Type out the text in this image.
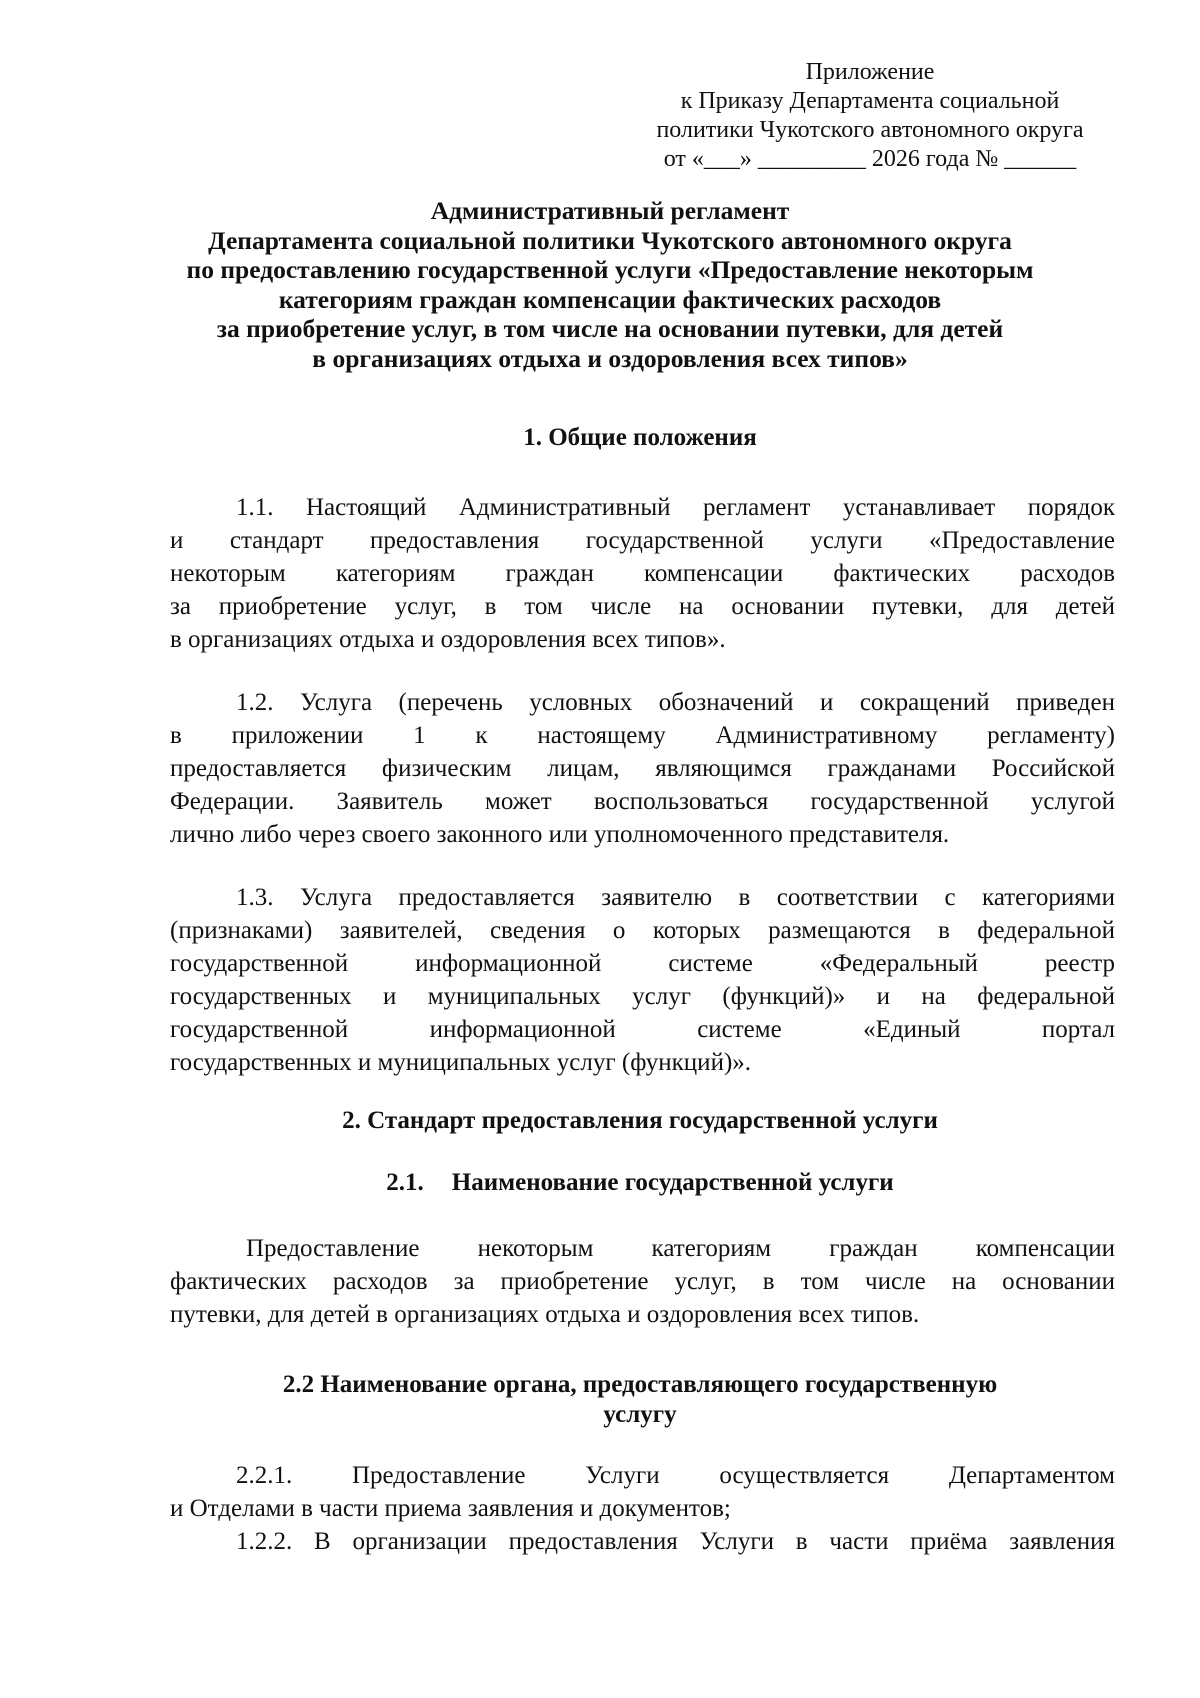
Приложение
к Приказу Департамента социальной
политики Чукотского автономного округа
от «___» _________ 2026 года № ______
Административный регламент
Департамента социальной политики Чукотского автономного округа
по предоставлению государственной услуги «Предоставление некоторым
категориям граждан компенсации фактических расходов
за приобретение услуг, в том числе на основании путевки, для детей
в организациях отдыха и оздоровления всех типов»
1. Общие положения
1.1. Настоящий Административный регламент устанавливает порядок
и стандарт предоставления государственной услуги «Предоставление
некоторым категориям граждан компенсации фактических расходов
за приобретение услуг, в том числе на основании путевки, для детей
в организациях отдыха и оздоровления всех типов».
1.2. Услуга (перечень условных обозначений и сокращений приведен
в приложении 1 к настоящему Административному регламенту)
предоставляется физическим лицам, являющимся гражданами Российской
Федерации. Заявитель может воспользоваться государственной услугой
лично либо через своего законного или уполномоченного представителя.
1.3. Услуга предоставляется заявителю в соответствии с категориями
(признаками) заявителей, сведения о которых размещаются в федеральной
государственной информационной системе «Федеральный реестр
государственных и муниципальных услуг (функций)» и на федеральной
государственной информационной системе «Единый портал
государственных и муниципальных услуг (функций)».
2. Стандарт предоставления государственной услуги
2.1. Наименование государственной услуги
Предоставление некоторым категориям граждан компенсации
фактических расходов за приобретение услуг, в том числе на основании
путевки, для детей в организациях отдыха и оздоровления всех типов.
2.2 Наименование органа, предоставляющего государственную
услугу
2.2.1. Предоставление Услуги осуществляется Департаментом
и Отделами в части приема заявления и документов;
1.2.2. В организации предоставления Услуги в части приёма заявления
